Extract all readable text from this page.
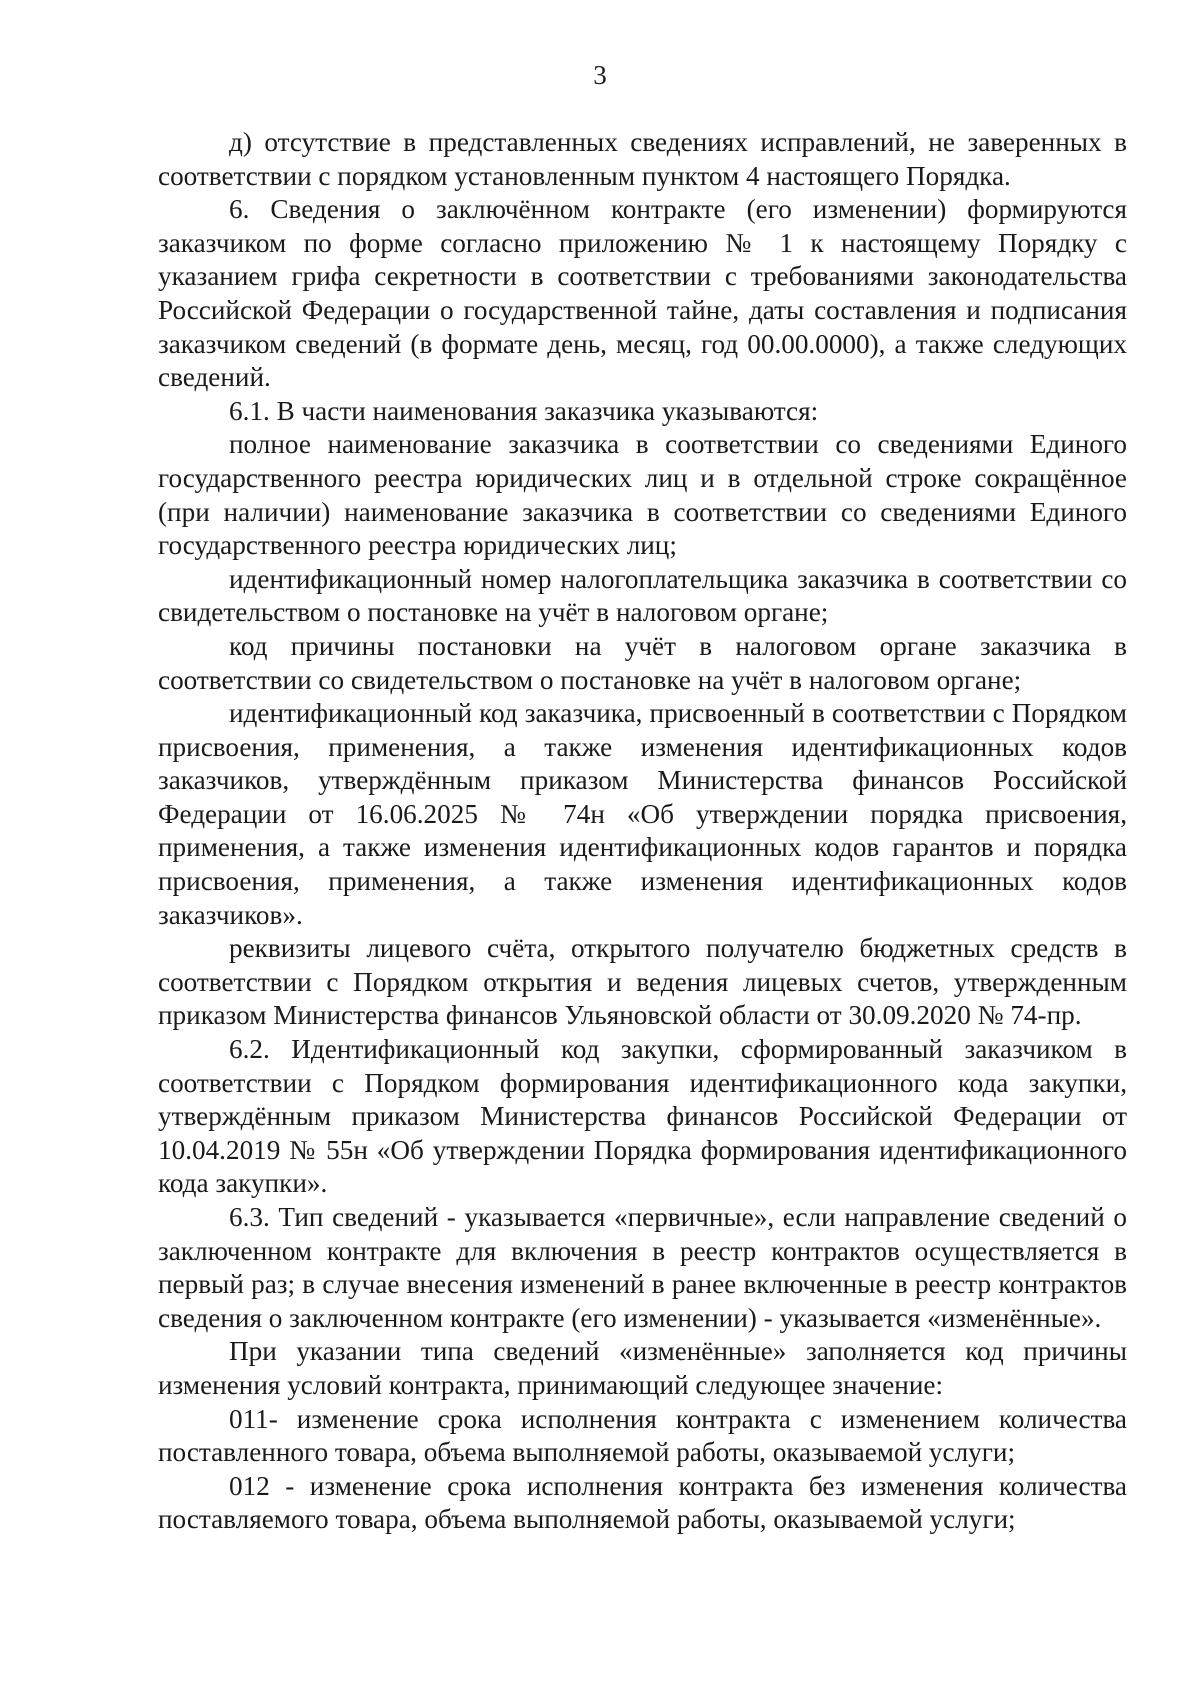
3

д) отсутствие в представленных сведениях исправлений, не заверенных в соответствии с порядком установленным пунктом 4 настоящего Порядка.

6. Сведения о заключённом контракте (его изменении) формируются заказчиком по форме согласно приложению № 1 к настоящему Порядку с указанием грифа секретности в соответствии с требованиями законодательства Российской Федерации о государственной тайне, даты составления и подписания заказчиком сведений (в формате день, месяц, год 00.00.0000), а также следующих сведений.

6.1. В части наименования заказчика указываются:

полное наименование заказчика в соответствии со сведениями Единого государственного реестра юридических лиц и в отдельной строке сокращённое (при наличии) наименование заказчика в соответствии со сведениями Единого государственного реестра юридических лиц;

идентификационный номер налогоплательщика заказчика в соответствии со свидетельством о постановке на учёт в налоговом органе;

код причины постановки на учёт в налоговом органе заказчика в соответствии со свидетельством о постановке на учёт в налоговом органе;

идентификационный код заказчика, присвоенный в соответствии с Порядком присвоения, применения, а также изменения идентификационных кодов заказчиков, утверждённым приказом Министерства финансов Российской Федерации от 16.06.2025 № 74н «Об утверждении порядка присвоения, применения, а также изменения идентификационных кодов гарантов и порядка присвоения, применения, а также изменения идентификационных кодов заказчиков».

реквизиты лицевого счёта, открытого получателю бюджетных средств в соответствии с Порядком открытия и ведения лицевых счетов, утвержденным приказом Министерства финансов Ульяновской области от 30.09.2020 № 74-пр.

6.2. Идентификационный код закупки, сформированный заказчиком в соответствии с Порядком формирования идентификационного кода закупки, утверждённым приказом Министерства финансов Российской Федерации от 10.04.2019 № 55н «Об утверждении Порядка формирования идентификационного кода закупки».

6.3. Тип сведений - указывается «первичные», если направление сведений о заключенном контракте для включения в реестр контрактов осуществляется в первый раз; в случае внесения изменений в ранее включенные в реестр контрактов сведения о заключенном контракте (его изменении) - указывается «изменённые».

При указании типа сведений «изменённые» заполняется код причины изменения условий контракта, принимающий следующее значение:

011- изменение срока исполнения контракта с изменением количества поставленного товара, объема выполняемой работы, оказываемой услуги;

012 - изменение срока исполнения контракта без изменения количества поставляемого товара, объема выполняемой работы, оказываемой услуги;
